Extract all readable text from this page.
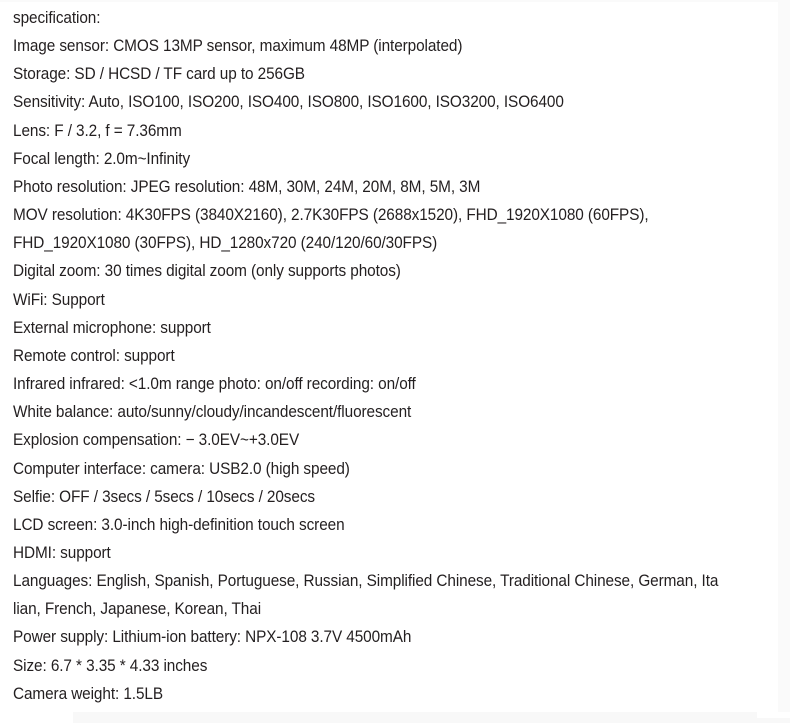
specification:
Image sensor: CMOS 13MP sensor, maximum 48MP (interpolated)
Storage: SD / HCSD / TF card up to 256GB
Sensitivity: Auto, ISO100, ISO200, ISO400, ISO800, ISO1600, ISO3200, ISO6400
Lens: F / 3.2, f = 7.36mm
Focal length: 2.0m~Infinity
Photo resolution: JPEG resolution: 48M, 30M, 24M, 20M, 8M, 5M, 3M
MOV resolution: 4K30FPS (3840X2160), 2.7K30FPS (2688x1520), FHD_1920X1080 (60FPS),
FHD_1920X1080 (30FPS), HD_1280x720 (240/120/60/30FPS)
Digital zoom: 30 times digital zoom (only supports photos)
WiFi: Support
External microphone: support
Remote control: support
Infrared infrared: <1.0m range photo: on/off recording: on/off
White balance: auto/sunny/cloudy/incandescent/fluorescent
Explosion compensation: − 3.0EV~+3.0EV
Computer interface: camera: USB2.0 (high speed)
Selfie: OFF / 3secs / 5secs / 10secs / 20secs
LCD screen: 3.0-inch high-definition touch screen
HDMI: support
Languages: English, Spanish, Portuguese, Russian, Simplified Chinese, Traditional Chinese, German, Ita
lian, French, Japanese, Korean, Thai
Power supply: Lithium-ion battery: NPX-108 3.7V 4500mAh
Size: 6.7 * 3.35 * 4.33 inches
Camera weight: 1.5LB
